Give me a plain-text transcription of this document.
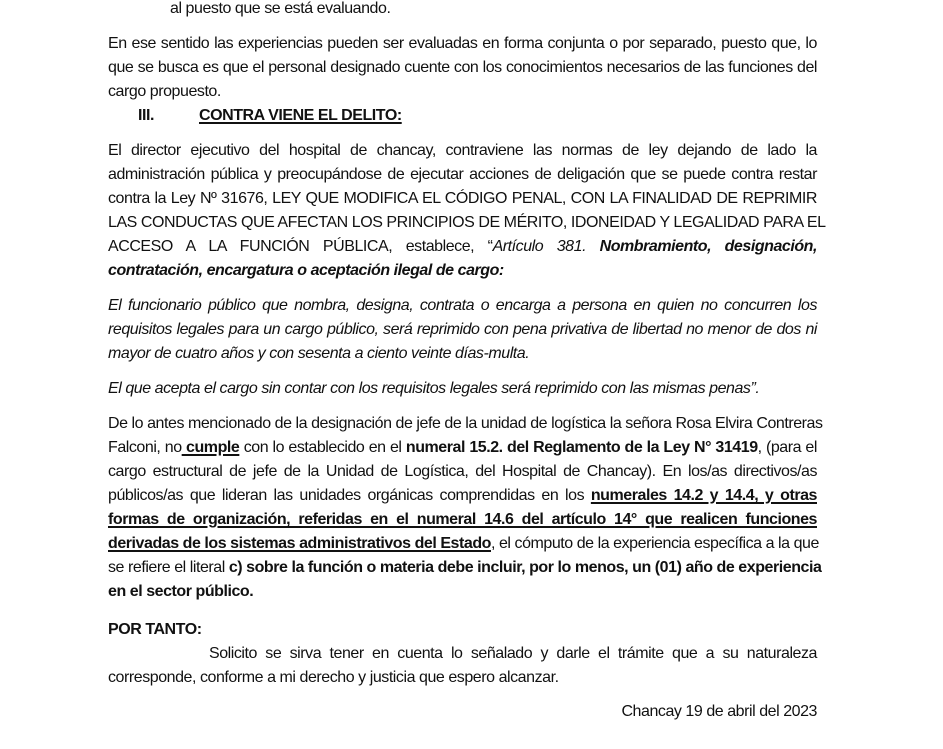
al puesto que se está evaluando.
En ese sentido las experiencias pueden ser evaluadas en forma conjunta o por separado, puesto que, lo
que se busca es que el personal designado cuente con los conocimientos necesarios de las funciones del
cargo propuesto.
III.	CONTRA VIENE EL DELITO:
El director ejecutivo del hospital de chancay, contraviene las normas de ley dejando de lado la
administración pública y preocupándose de ejecutar acciones de deligación que se puede contra restar
contra la Ley Nº 31676, LEY QUE MODIFICA EL CÓDIGO PENAL, CON LA FINALIDAD DE REPRIMIR
LAS CONDUCTAS QUE AFECTAN LOS PRINCIPIOS DE MÉRITO, IDONEIDAD Y LEGALIDAD PARA EL
ACCESO A LA FUNCIÓN PÚBLICA, establece, “Artículo 381. Nombramiento, designación,
contratación, encargatura o aceptación ilegal de cargo:
El funcionario público que nombra, designa, contrata o encarga a persona en quien no concurren los
requisitos legales para un cargo público, será reprimido con pena privativa de libertad no menor de dos ni
mayor de cuatro años y con sesenta a ciento veinte días-multa.
El que acepta el cargo sin contar con los requisitos legales será reprimido con las mismas penas”.
De lo antes mencionado de la designación de jefe de la unidad de logística la señora Rosa Elvira Contreras
Falconi, no cumple con lo establecido en el numeral 15.2. del Reglamento de la Ley N° 31419, (para el
cargo estructural de jefe de la Unidad de Logística, del Hospital de Chancay). En los/as directivos/as
públicos/as que lideran las unidades orgánicas comprendidas en los numerales 14.2 y 14.4, y otras
formas de organización, referidas en el numeral 14.6 del artículo 14° que realicen funciones
derivadas de los sistemas administrativos del Estado, el cómputo de la experiencia específica a la que
se refiere el literal c) sobre la función o materia debe incluir, por lo menos, un (01) año de experiencia
en el sector público.
POR TANTO:
Solicito se sirva tener en cuenta lo señalado y darle el trámite que a su naturaleza
corresponde, conforme a mi derecho y justicia que espero alcanzar.
Chancay 19 de abril del 2023
